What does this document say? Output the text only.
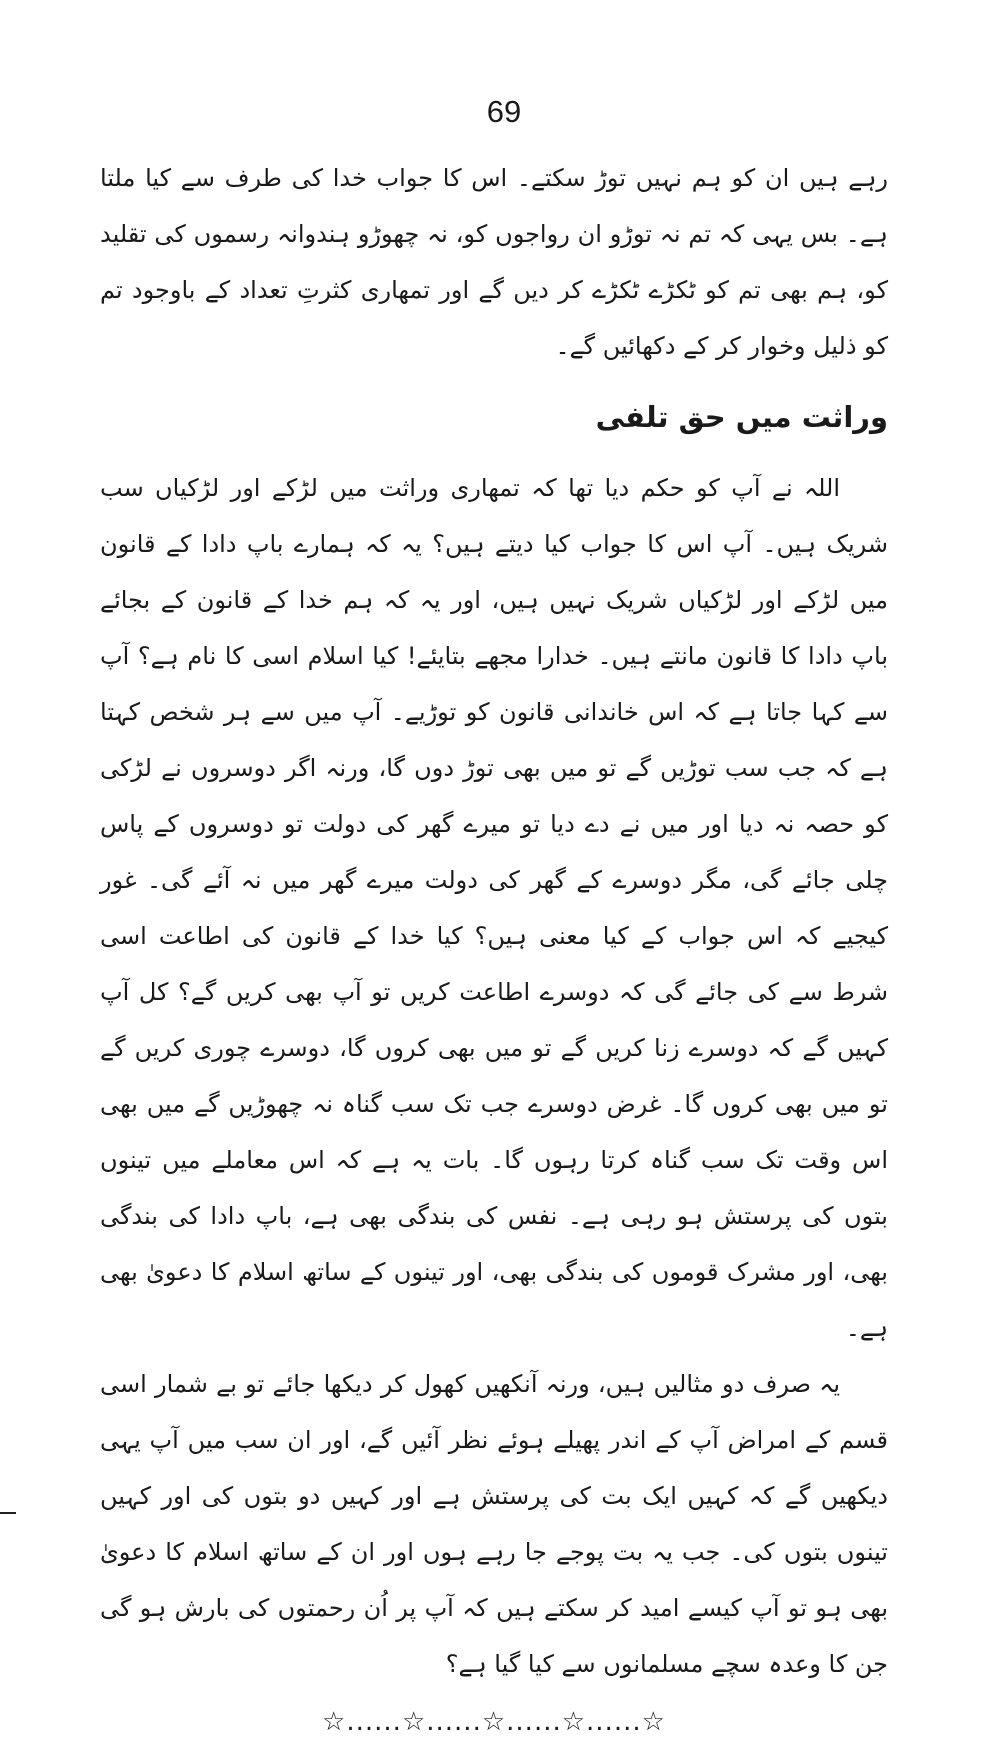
69

رہے ہیں ان کو ہم نہیں توڑ سکتے۔ اس کا جواب خدا کی طرف سے کیا ملتا ہے۔ بس یہی کہ تم نہ توڑو ان رواجوں کو، نہ چھوڑو ہندوانہ رسموں کی تقلید کو، ہم بھی تم کو ٹکڑے ٹکڑے کر دیں گے اور تمھاری کثرتِ تعداد کے باوجود تم کو ذلیل وخوار کر کے دکھائیں گے۔

وراثت میں حق تلفی

اللہ نے آپ کو حکم دیا تھا کہ تمھاری وراثت میں لڑکے اور لڑکیاں سب شریک ہیں۔ آپ اس کا جواب کیا دیتے ہیں؟ یہ کہ ہمارے باپ دادا کے قانون میں لڑکے اور لڑکیاں شریک نہیں ہیں، اور یہ کہ ہم خدا کے قانون کے بجائے باپ دادا کا قانون مانتے ہیں۔ خدارا مجھے بتایئے! کیا اسلام اسی کا نام ہے؟ آپ سے کہا جاتا ہے کہ اس خاندانی قانون کو توڑیے۔ آپ میں سے ہر شخص کہتا ہے کہ جب سب توڑیں گے تو میں بھی توڑ دوں گا، ورنہ اگر دوسروں نے لڑکی کو حصہ نہ دیا اور میں نے دے دیا تو میرے گھر کی دولت تو دوسروں کے پاس چلی جائے گی، مگر دوسرے کے گھر کی دولت میرے گھر میں نہ آئے گی۔ غور کیجیے کہ اس جواب کے کیا معنی ہیں؟ کیا خدا کے قانون کی اطاعت اسی شرط سے کی جائے گی کہ دوسرے اطاعت کریں تو آپ بھی کریں گے؟ کل آپ کہیں گے کہ دوسرے زنا کریں گے تو میں بھی کروں گا، دوسرے چوری کریں گے تو میں بھی کروں گا۔ غرض دوسرے جب تک سب گناہ نہ چھوڑیں گے میں بھی اس وقت تک سب گناہ کرتا رہوں گا۔ بات یہ ہے کہ اس معاملے میں تینوں بتوں کی پرستش ہو رہی ہے۔ نفس کی بندگی بھی ہے، باپ دادا کی بندگی بھی، اور مشرک قوموں کی بندگی بھی، اور تینوں کے ساتھ اسلام کا دعویٰ بھی ہے۔

یہ صرف دو مثالیں ہیں، ورنہ آنکھیں کھول کر دیکھا جائے تو بے شمار اسی قسم کے امراض آپ کے اندر پھیلے ہوئے نظر آئیں گے، اور ان سب میں آپ یہی دیکھیں گے کہ کہیں ایک بت کی پرستش ہے اور کہیں دو بتوں کی اور کہیں تینوں بتوں کی۔ جب یہ بت پوجے جا رہے ہوں اور ان کے ساتھ اسلام کا دعویٰ بھی ہو تو آپ کیسے امید کر سکتے ہیں کہ آپ پر اُن رحمتوں کی بارش ہو گی جن کا وعدہ سچے مسلمانوں سے کیا گیا ہے؟

☆......☆......☆......☆......☆
